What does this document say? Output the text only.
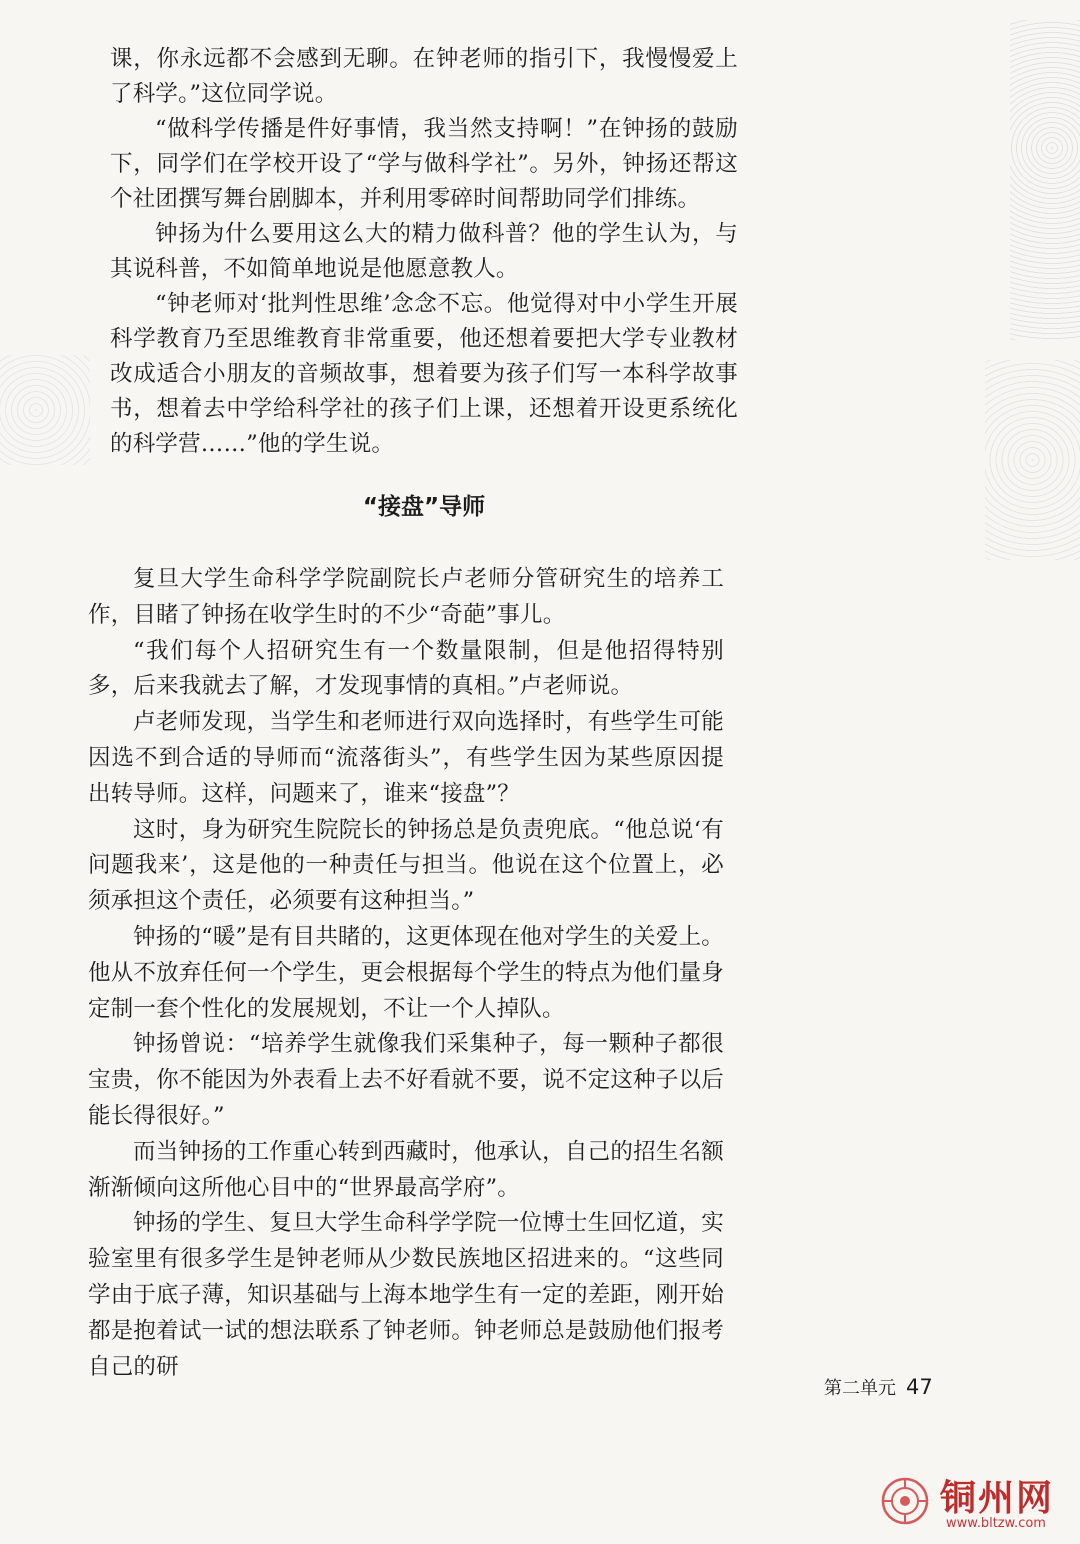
课，你永远都不会感到无聊。在钟老师的指引下，我慢慢爱上了科学。”这位同学说。

“做科学传播是件好事情，我当然支持啊！”在钟扬的鼓励下，同学们在学校开设了“学与做科学社”。另外，钟扬还帮这个社团撰写舞台剧脚本，并利用零碎时间帮助同学们排练。

钟扬为什么要用这么大的精力做科普？他的学生认为，与其说科普，不如简单地说是他愿意教人。

“钟老师对‘批判性思维’念念不忘。他觉得对中小学生开展科学教育乃至思维教育非常重要，他还想着要把大学专业教材改成适合小朋友的音频故事，想着要为孩子们写一本科学故事书，想着去中学给科学社的孩子们上课，还想着开设更系统化的科学营……”他的学生说。

“接盘”导师

复旦大学生命科学学院副院长卢老师分管研究生的培养工作，目睹了钟扬在收学生时的不少“奇葩”事儿。

“我们每个人招研究生有一个数量限制，但是他招得特别多，后来我就去了解，才发现事情的真相。”卢老师说。

卢老师发现，当学生和老师进行双向选择时，有些学生可能因选不到合适的导师而“流落街头”，有些学生因为某些原因提出转导师。这样，问题来了，谁来“接盘”？

这时，身为研究生院院长的钟扬总是负责兜底。“他总说‘有问题我来’，这是他的一种责任与担当。他说在这个位置上，必须承担这个责任，必须要有这种担当。”

钟扬的“暖”是有目共睹的，这更体现在他对学生的关爱上。他从不放弃任何一个学生，更会根据每个学生的特点为他们量身定制一套个性化的发展规划，不让一个人掉队。

钟扬曾说：“培养学生就像我们采集种子，每一颗种子都很宝贵，你不能因为外表看上去不好看就不要，说不定这种子以后能长得很好。”

而当钟扬的工作重心转到西藏时，他承认，自己的招生名额渐渐倾向这所他心目中的“世界最高学府”。

钟扬的学生、复旦大学生命科学学院一位博士生回忆道，实验室里有很多学生是钟老师从少数民族地区招进来的。“这些同学由于底子薄，知识基础与上海本地学生有一定的差距，刚开始都是抱着试一试的想法联系了钟老师。钟老师总是鼓励他们报考自己的研

第二单元 47
铜州网
www.bltzw.com
